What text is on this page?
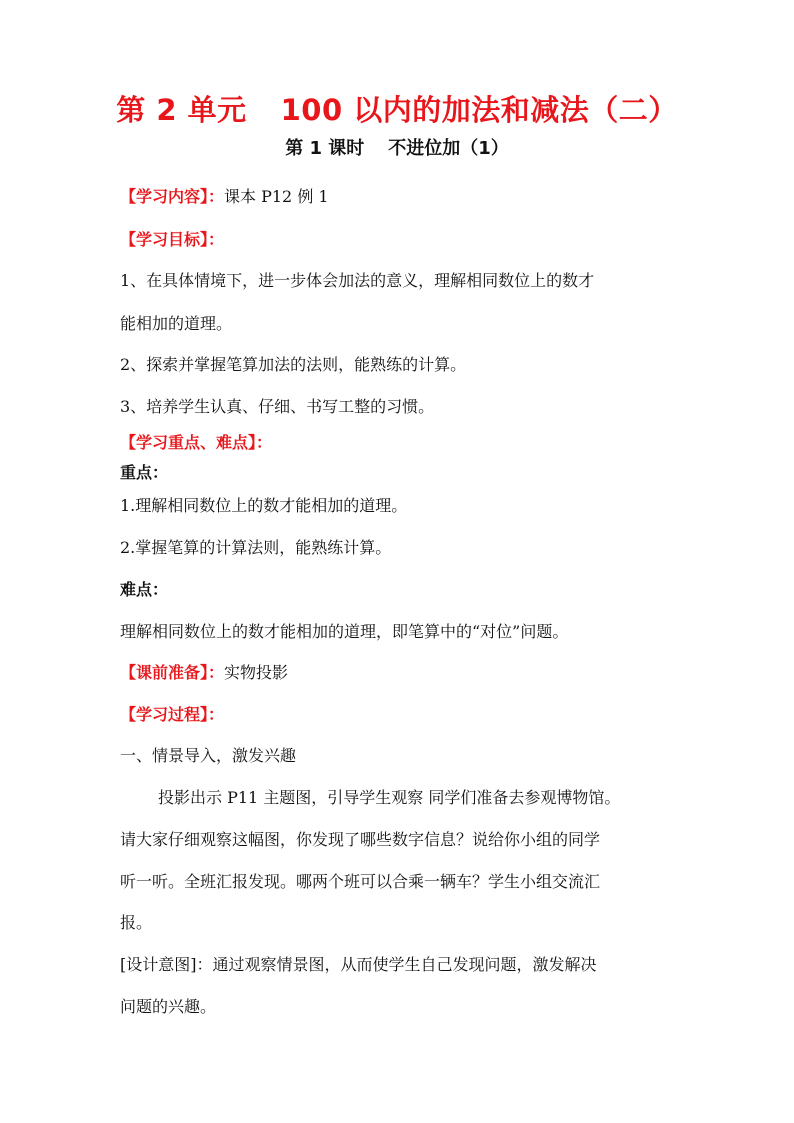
第 2 单元 100 以内的加法和减法（二）
第 1 课时 不进位加（1）
【学习内容】：课本 P12 例 1
【学习目标】：
1、在具体情境下，进一步体会加法的意义，理解相同数位上的数才
能相加的道理。
2、探索并掌握笔算加法的法则，能熟练的计算。
3、培养学生认真、仔细、书写工整的习惯。
【学习重点、难点】：
重点：
1.理解相同数位上的数才能相加的道理。
2.掌握笔算的计算法则，能熟练计算。
难点：
理解相同数位上的数才能相加的道理，即笔算中的“对位”问题。
【课前准备】：实物投影
【学习过程】：
一、情景导入，激发兴趣
投影出示 P11 主题图，引导学生观察 同学们准备去参观博物馆。
请大家仔细观察这幅图，你发现了哪些数字信息？说给你小组的同学
听一听。全班汇报发现。哪两个班可以合乘一辆车？学生小组交流汇
报。
[设计意图]：通过观察情景图，从而使学生自己发现问题，激发解决
问题的兴趣。
